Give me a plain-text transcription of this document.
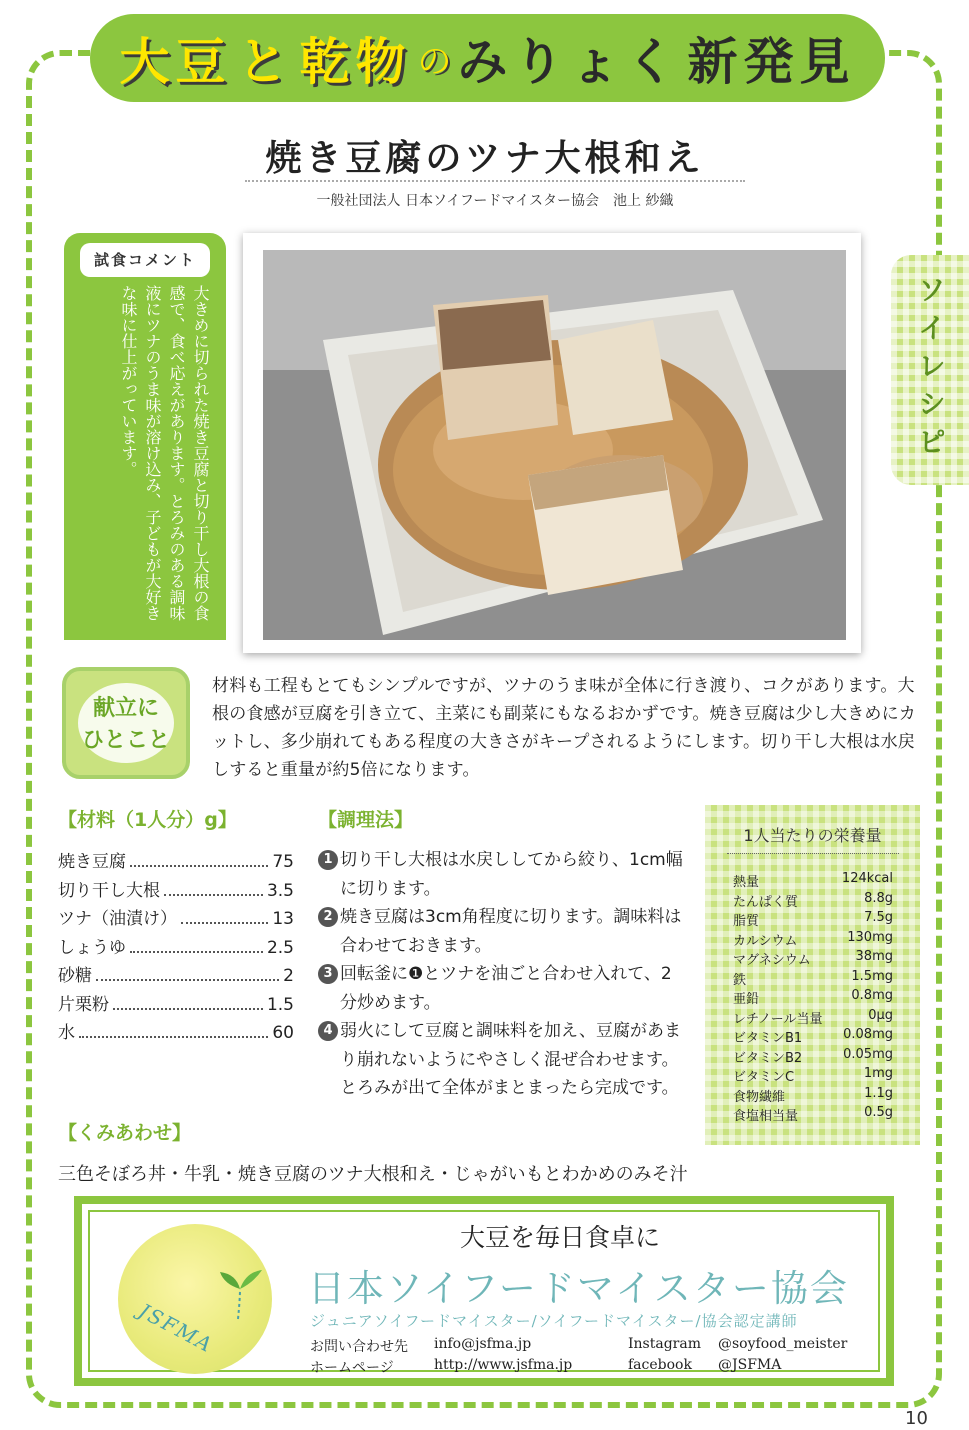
大豆 と 乾物 の みりょく 新発見
焼き豆腐のツナ大根和え
一般社団法人 日本ソイフードマイスター協会　池上 紗織
ソイレシピ
試食コメント
大きめに切られた焼き豆腐と切り干し大根の食感で、食べ応えがあります。とろみのある調味液にツナのうま味が溶け込み、子どもが大好きな味に仕上がっています。
献立に
ひとこと
材料も工程もとてもシンプルですが、ツナのうま味が全体に行き渡り、コクがあります。大根の食感が豆腐を引き立て、主菜にも副菜にもなるおかずです。焼き豆腐は少し大きめにカットし、多少崩れてもある程度の大きさがキープされるようにします。切り干し大根は水戻しすると重量が約5倍になります。
【材料（1人分）g】
焼き豆腐	75
切り干し大根	3.5
ツナ（油漬け）	13
しょうゆ	2.5
砂糖	2
片栗粉	1.5
水	60
【調理法】
1 切り干し大根は水戻ししてから絞り、1cm幅に切ります。
2 焼き豆腐は3cm角程度に切ります。調味料は合わせておきます。
3 回転釜に❶とツナを油ごと合わせ入れて、2分炒めます。
4 弱火にして豆腐と調味料を加え、豆腐があまり崩れないようにやさしく混ぜ合わせます。とろみが出て全体がまとまったら完成です。
1人当たりの栄養量
熱量	124kcal
たんぱく質	8.8g
脂質	7.5g
カルシウム	130mg
マグネシウム	38mg
鉄	1.5mg
亜鉛	0.8mg
レチノール当量	0μg
ビタミンB1	0.08mg
ビタミンB2	0.05mg
ビタミンC	1mg
食物繊維	1.1g
食塩相当量	0.5g
【くみあわせ】
三色そぼろ丼・牛乳・焼き豆腐のツナ大根和え・じゃがいもとわかめのみそ汁
JSFMA
大豆を毎日食卓に
日本ソイフードマイスター協会
ジュニアソイフードマイスター/ソイフードマイスター/協会認定講師
お問い合わせ先 info@jsfma.jp
ホームページ	http://www.jsfma.jp
Instagram @soyfood_meister
facebook @JSFMA
10
